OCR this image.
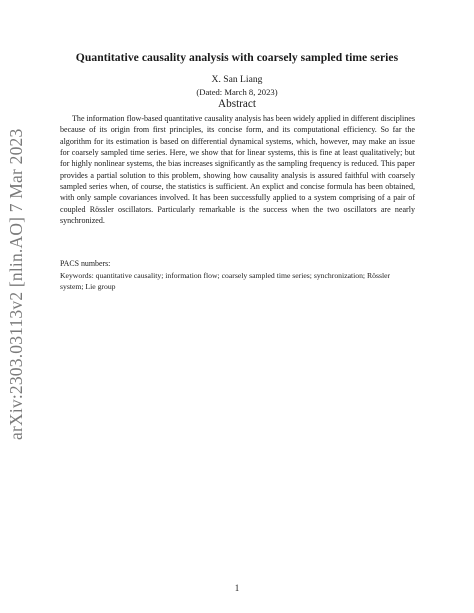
arXiv:2303.03113v2 [nlin.AO] 7 Mar 2023
Quantitative causality analysis with coarsely sampled time series
X. San Liang
(Dated: March 8, 2023)
Abstract

The information flow-based quantitative causality analysis has been widely applied in different disciplines because of its origin from first principles, its concise form, and its computational efficiency. So far the algorithm for its estimation is based on differential dynamical systems, which, however, may make an issue for coarsely sampled time series. Here, we show that for linear systems, this is fine at least qualitatively; but for highly nonlinear systems, the bias increases significantly as the sampling frequency is reduced. This paper provides a partial solution to this problem, showing how causality analysis is assured faithful with coarsely sampled series when, of course, the statistics is sufficient. An explict and concise formula has been obtained, with only sample covariances involved. It has been successfully applied to a system comprising of a pair of coupled Rössler oscillators. Particularly remarkable is the success when the two oscillators are nearly synchronized.

PACS numbers:

Keywords: quantitative causality; information flow; coarsely sampled time series; synchronization; Rössler system; Lie group

1
